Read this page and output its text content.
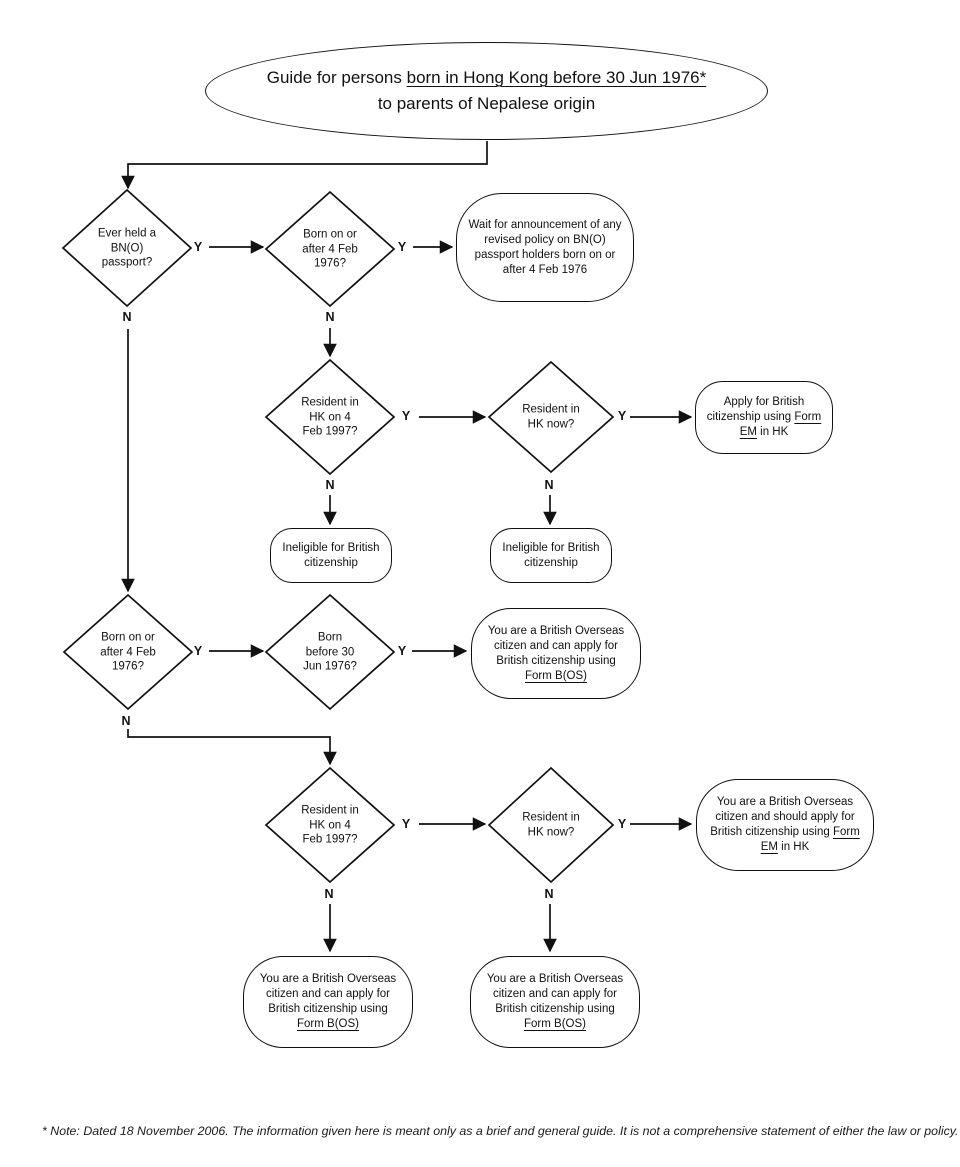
Guide for persons born in Hong Kong before 30 Jun 1976*
to parents of Nepalese origin
Ever held a
BN(O)
passport?
Born on or
after 4 Feb
1976?
Resident in
HK on 4
Feb 1997?
Resident in
HK now?
Born on or
after 4 Feb
1976?
Born
before 30
Jun 1976?
Resident in
HK on 4
Feb 1997?
Resident in
HK now?
Wait for announcement of any revised policy on BN(O) passport holders born on or after 4 Feb 1976
Apply for British citizenship using Form EM in HK
Ineligible for British citizenship
Ineligible for British citizenship
You are a British Overseas citizen and can apply for British citizenship using Form B(OS)
You are a British Overseas citizen and should apply for British citizenship using Form EM in HK
You are a British Overseas citizen and can apply for British citizenship using Form B(OS)
You are a British Overseas citizen and can apply for British citizenship using Form B(OS)
Y	Y
Y	Y
Y	Y
Y	Y
N	N
N	N
N
N	N
* Note: Dated 18 November 2006. The information given here is meant only as a brief and general guide. It is not a comprehensive statement of either the law or policy.
